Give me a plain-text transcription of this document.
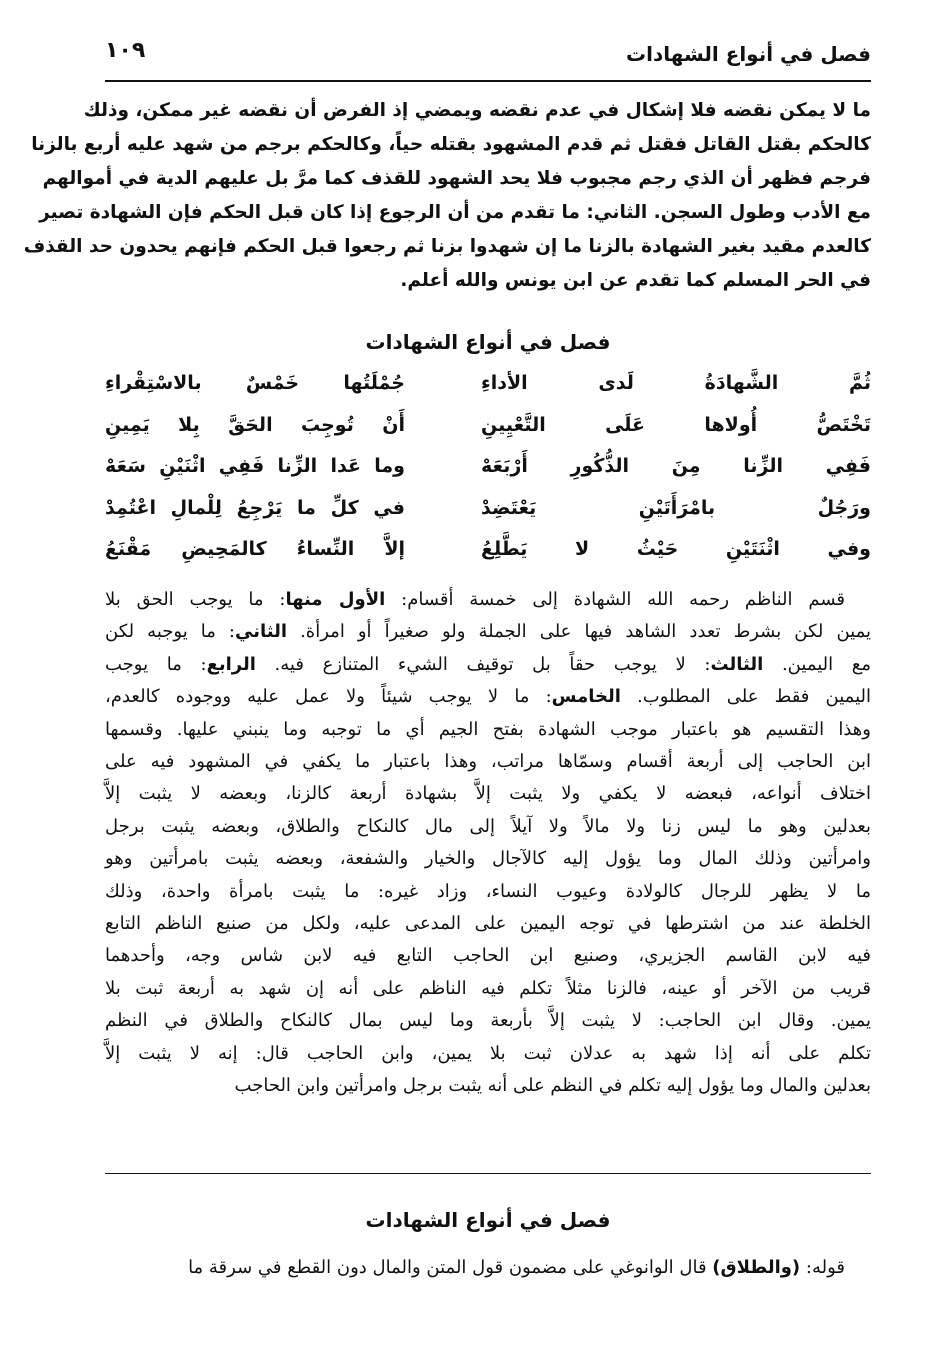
فصل في أنواع الشهادات
١٠٩
ما لا يمكن نقضه فلا إشكال في عدم نقضه ويمضي إذ الفرض أن نقضه غير ممكن، وذلك
كالحكم بقتل القاتل فقتل ثم قدم المشهود بقتله حياً، وكالحكم برجم من شهد عليه أربع بالزنا
فرجم فظهر أن الذي رجم مجبوب فلا يحد الشهود للقذف كما مرَّ بل عليهم الدية في أموالهم
مع الأدب وطول السجن. الثاني: ما تقدم من أن الرجوع إذا كان قبل الحكم فإن الشهادة تصير
كالعدم مقيد بغير الشهادة بالزنا ما إن شهدوا بزنا ثم رجعوا قبل الحكم فإنهم يحدون حد القذف
في الحر المسلم كما تقدم عن ابن يونس والله أعلم.
فصل في أنواع الشهادات
ثُمَّ الشَّهادَةُ لَدى الأداءِ
جُمْلَتُها خَمْسٌ بالاسْتِقْراءِ
تَخْتَصُّ أُولاها عَلَى التَّعْيِينِ
أَنْ تُوجِبَ الحَقَّ بِلا يَمِينِ
فَفِي الزِّنا مِنَ الذُّكُورِ أَرْبَعَهْ
وما عَدا الزِّنا فَفِي اثْنَيْنِ سَعَهْ
ورَجُلٌ بامْرَأَتَيْنِ يَعْتَضِدْ
في كلِّ ما يَرْجِعُ لِلْمالِ اعْتُمِدْ
وفي اثْنَتَيْنِ حَيْثُ لا يَطَّلِعُ
إلاَّ النِّساءُ كالمَحِيضِ مَقْنَعُ
قسم الناظم رحمه الله الشهادة إلى خمسة أقسام: الأول منها: ما يوجب الحق بلا
يمين لكن بشرط تعدد الشاهد فيها على الجملة ولو صغيراً أو امرأة. الثاني: ما يوجبه لكن
مع اليمين. الثالث: لا يوجب حقاً بل توقيف الشيء المتنازع فيه. الرابع: ما يوجب
اليمين فقط على المطلوب. الخامس: ما لا يوجب شيئاً ولا عمل عليه ووجوده كالعدم،
وهذا التقسيم هو باعتبار موجب الشهادة بفتح الجيم أي ما توجبه وما ينبني عليها. وقسمها
ابن الحاجب إلى أربعة أقسام وسمّاها مراتب، وهذا باعتبار ما يكفي في المشهود فيه على
اختلاف أنواعه، فبعضه لا يكفي ولا يثبت إلاَّ بشهادة أربعة كالزنا، وبعضه لا يثبت إلاَّ
بعدلين وهو ما ليس زنا ولا مالاً ولا آيلاً إلى مال كالنكاح والطلاق، وبعضه يثبت برجل
وامرأتين وذلك المال وما يؤول إليه كالآجال والخيار والشفعة، وبعضه يثبت بامرأتين وهو
ما لا يظهر للرجال كالولادة وعيوب النساء، وزاد غيره: ما يثبت بامرأة واحدة، وذلك
الخلطة عند من اشترطها في توجه اليمين على المدعى عليه، ولكل من صنيع الناظم التابع
فيه لابن القاسم الجزيري، وصنيع ابن الحاجب التابع فيه لابن شاس وجه، وأحدهما
قريب من الآخر أو عينه، فالزنا مثلاً تكلم فيه الناظم على أنه إن شهد به أربعة ثبت بلا
يمين. وقال ابن الحاجب: لا يثبت إلاَّ بأربعة وما ليس بمال كالنكاح والطلاق في النظم
تكلم على أنه إذا شهد به عدلان ثبت بلا يمين، وابن الحاجب قال: إنه لا يثبت إلاَّ
بعدلين والمال وما يؤول إليه تكلم في النظم على أنه يثبت برجل وامرأتين وابن الحاجب
فصل في أنواع الشهادات
قوله: (والطلاق) قال الوانوغي على مضمون قول المتن والمال دون القطع في سرقة ما
